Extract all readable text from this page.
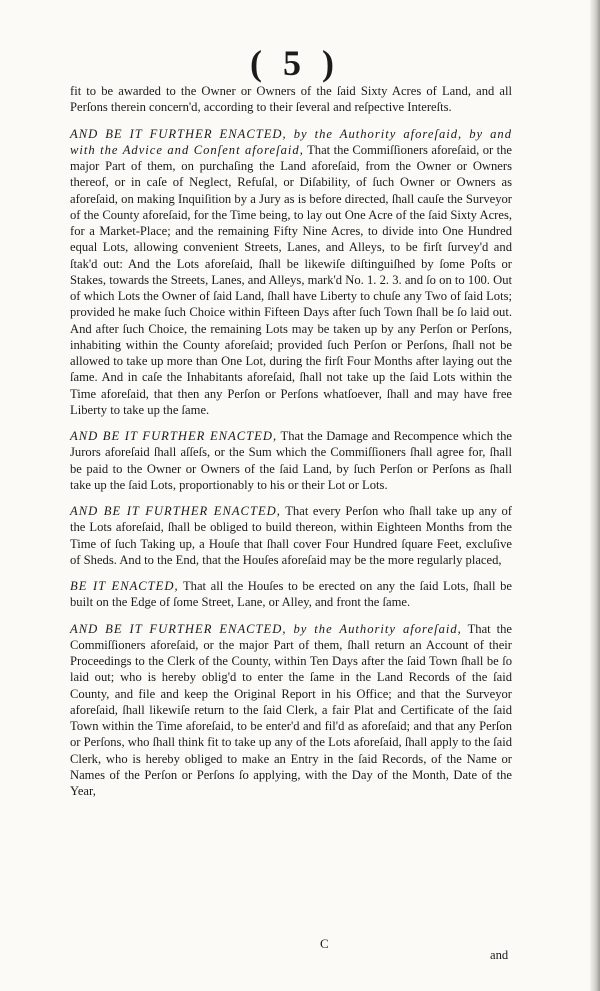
( 5 )

fit to be awarded to the Owner or Owners of the ſaid Sixty Acres of Land, and all Perſons therein concern'd, according to their ſeveral and reſpective Intereſts.

AND BE IT FURTHER ENACTED, by the Authority aforeſaid, by and with the Advice and Conſent aforeſaid, That the Commiſſioners aforeſaid, or the major Part of them, on purchaſing the Land aforeſaid, from the Owner or Owners thereof, or in caſe of Neglect, Refuſal, or Diſability, of ſuch Owner or Owners as aforeſaid, on making Inquiſition by a Jury as is before directed, ſhall cauſe the Surveyor of the County aforeſaid, for the Time being, to lay out One Acre of the ſaid Sixty Acres, for a Market-Place; and the remaining Fifty Nine Acres, to divide into One Hundred equal Lots, allowing convenient Streets, Lanes, and Alleys, to be firſt ſurvey'd and ſtak'd out: And the Lots aforeſaid, ſhall be likewiſe diſtinguiſhed by ſome Poſts or Stakes, towards the Streets, Lanes, and Alleys, mark'd No. 1. 2. 3. and ſo on to 100. Out of which Lots the Owner of ſaid Land, ſhall have Liberty to chuſe any Two of ſaid Lots; provided he make ſuch Choice within Fifteen Days after ſuch Town ſhall be ſo laid out. And after ſuch Choice, the remaining Lots may be taken up by any Perſon or Perſons, inhabiting within the County aforeſaid; provided ſuch Perſon or Perſons, ſhall not be allowed to take up more than One Lot, during the firſt Four Months after laying out the ſame. And in caſe the Inhabitants aforeſaid, ſhall not take up the ſaid Lots within the Time aforeſaid, that then any Perſon or Perſons whatſoever, ſhall and may have free Liberty to take up the ſame.

AND BE IT FURTHER ENACTED, That the Damage and Recompence which the Jurors aforeſaid ſhall aſſeſs, or the Sum which the Commiſſioners ſhall agree for, ſhall be paid to the Owner or Owners of the ſaid Land, by ſuch Perſon or Perſons as ſhall take up the ſaid Lots, proportionably to his or their Lot or Lots.

AND BE IT FURTHER ENACTED, That every Perſon who ſhall take up any of the Lots aforeſaid, ſhall be obliged to build thereon, within Eighteen Months from the Time of ſuch Taking up, a Houſe that ſhall cover Four Hundred ſquare Feet, excluſive of Sheds. And to the End, that the Houſes aforeſaid may be the more regularly placed,

BE IT ENACTED, That all the Houſes to be erected on any the ſaid Lots, ſhall be built on the Edge of ſome Street, Lane, or Alley, and front the ſame.

AND BE IT FURTHER ENACTED, by the Authority aforeſaid, That the Commiſſioners aforeſaid, or the major Part of them, ſhall return an Account of their Proceedings to the Clerk of the County, within Ten Days after the ſaid Town ſhall be ſo laid out; who is hereby oblig'd to enter the ſame in the Land Records of the ſaid County, and file and keep the Original Report in his Office; and that the Surveyor aforeſaid, ſhall likewiſe return to the ſaid Clerk, a fair Plat and Certificate of the ſaid Town within the Time aforeſaid, to be enter'd and fil'd as aforeſaid; and that any Perſon or Perſons, who ſhall think fit to take up any of the Lots aforeſaid, ſhall apply to the ſaid Clerk, who is hereby obliged to make an Entry in the ſaid Records, of the Name or Names of the Perſon or Perſons ſo applying, with the Day of the Month, Date of the Year,

C

and
